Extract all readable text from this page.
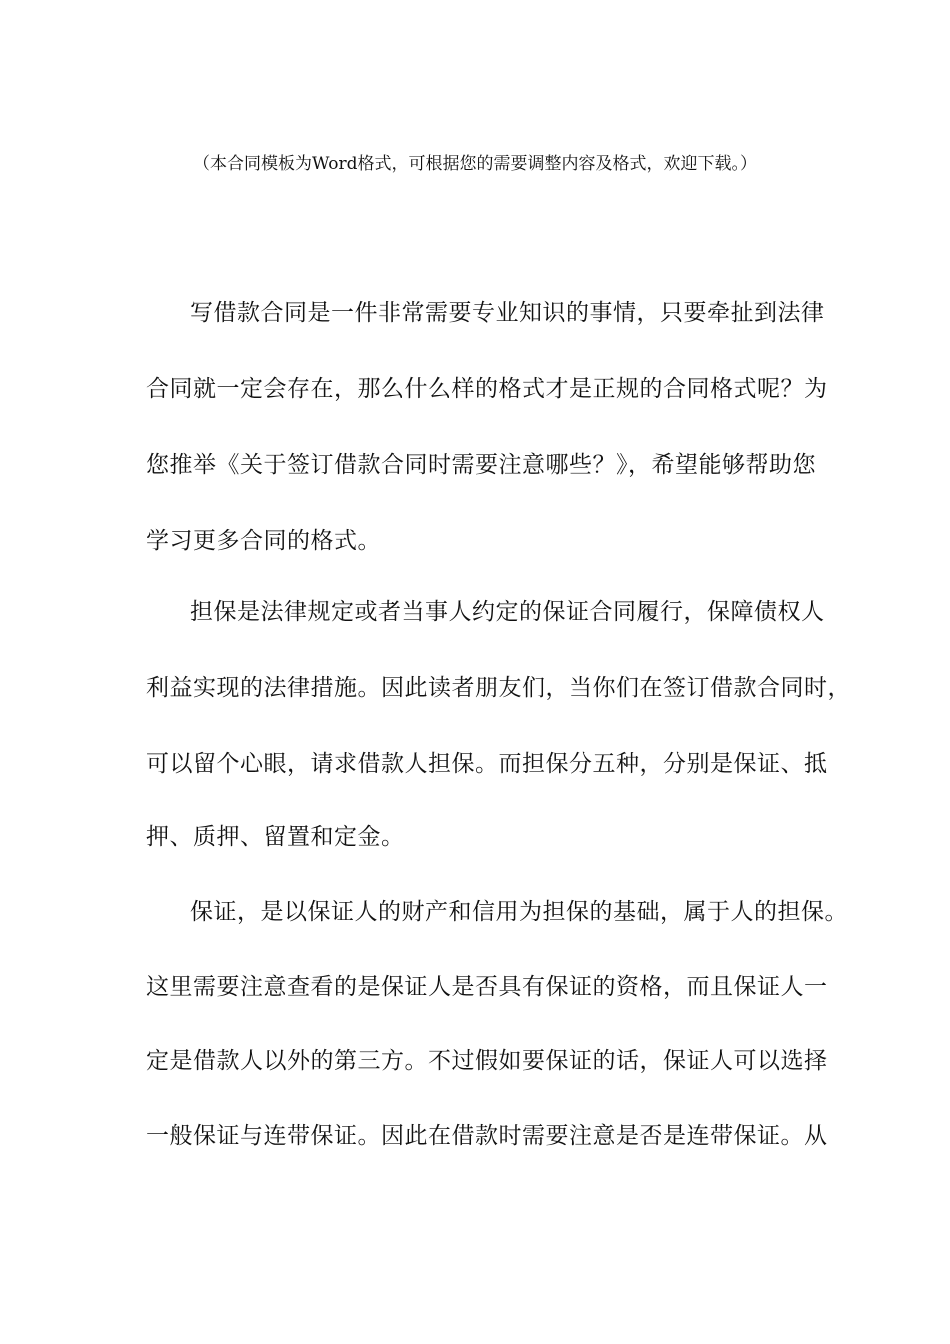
（本合同模板为Word格式，可根据您的需要调整内容及格式，欢迎下载。）
写借款合同是一件非常需要专业知识的事情，只要牵扯到法律
合同就一定会存在，那么什么样的格式才是正规的合同格式呢？为
您推举《关于签订借款合同时需要注意哪些？》，希望能够帮助您
学习更多合同的格式。
担保是法律规定或者当事人约定的保证合同履行，保障债权人
利益实现的法律措施。因此读者朋友们，当你们在签订借款合同时，
可以留个心眼，请求借款人担保。而担保分五种，分别是保证、抵
押、质押、留置和定金。
保证，是以保证人的财产和信用为担保的基础，属于人的担保。
这里需要注意查看的是保证人是否具有保证的资格，而且保证人一
定是借款人以外的第三方。不过假如要保证的话，保证人可以选择
一般保证与连带保证。因此在借款时需要注意是否是连带保证。从
